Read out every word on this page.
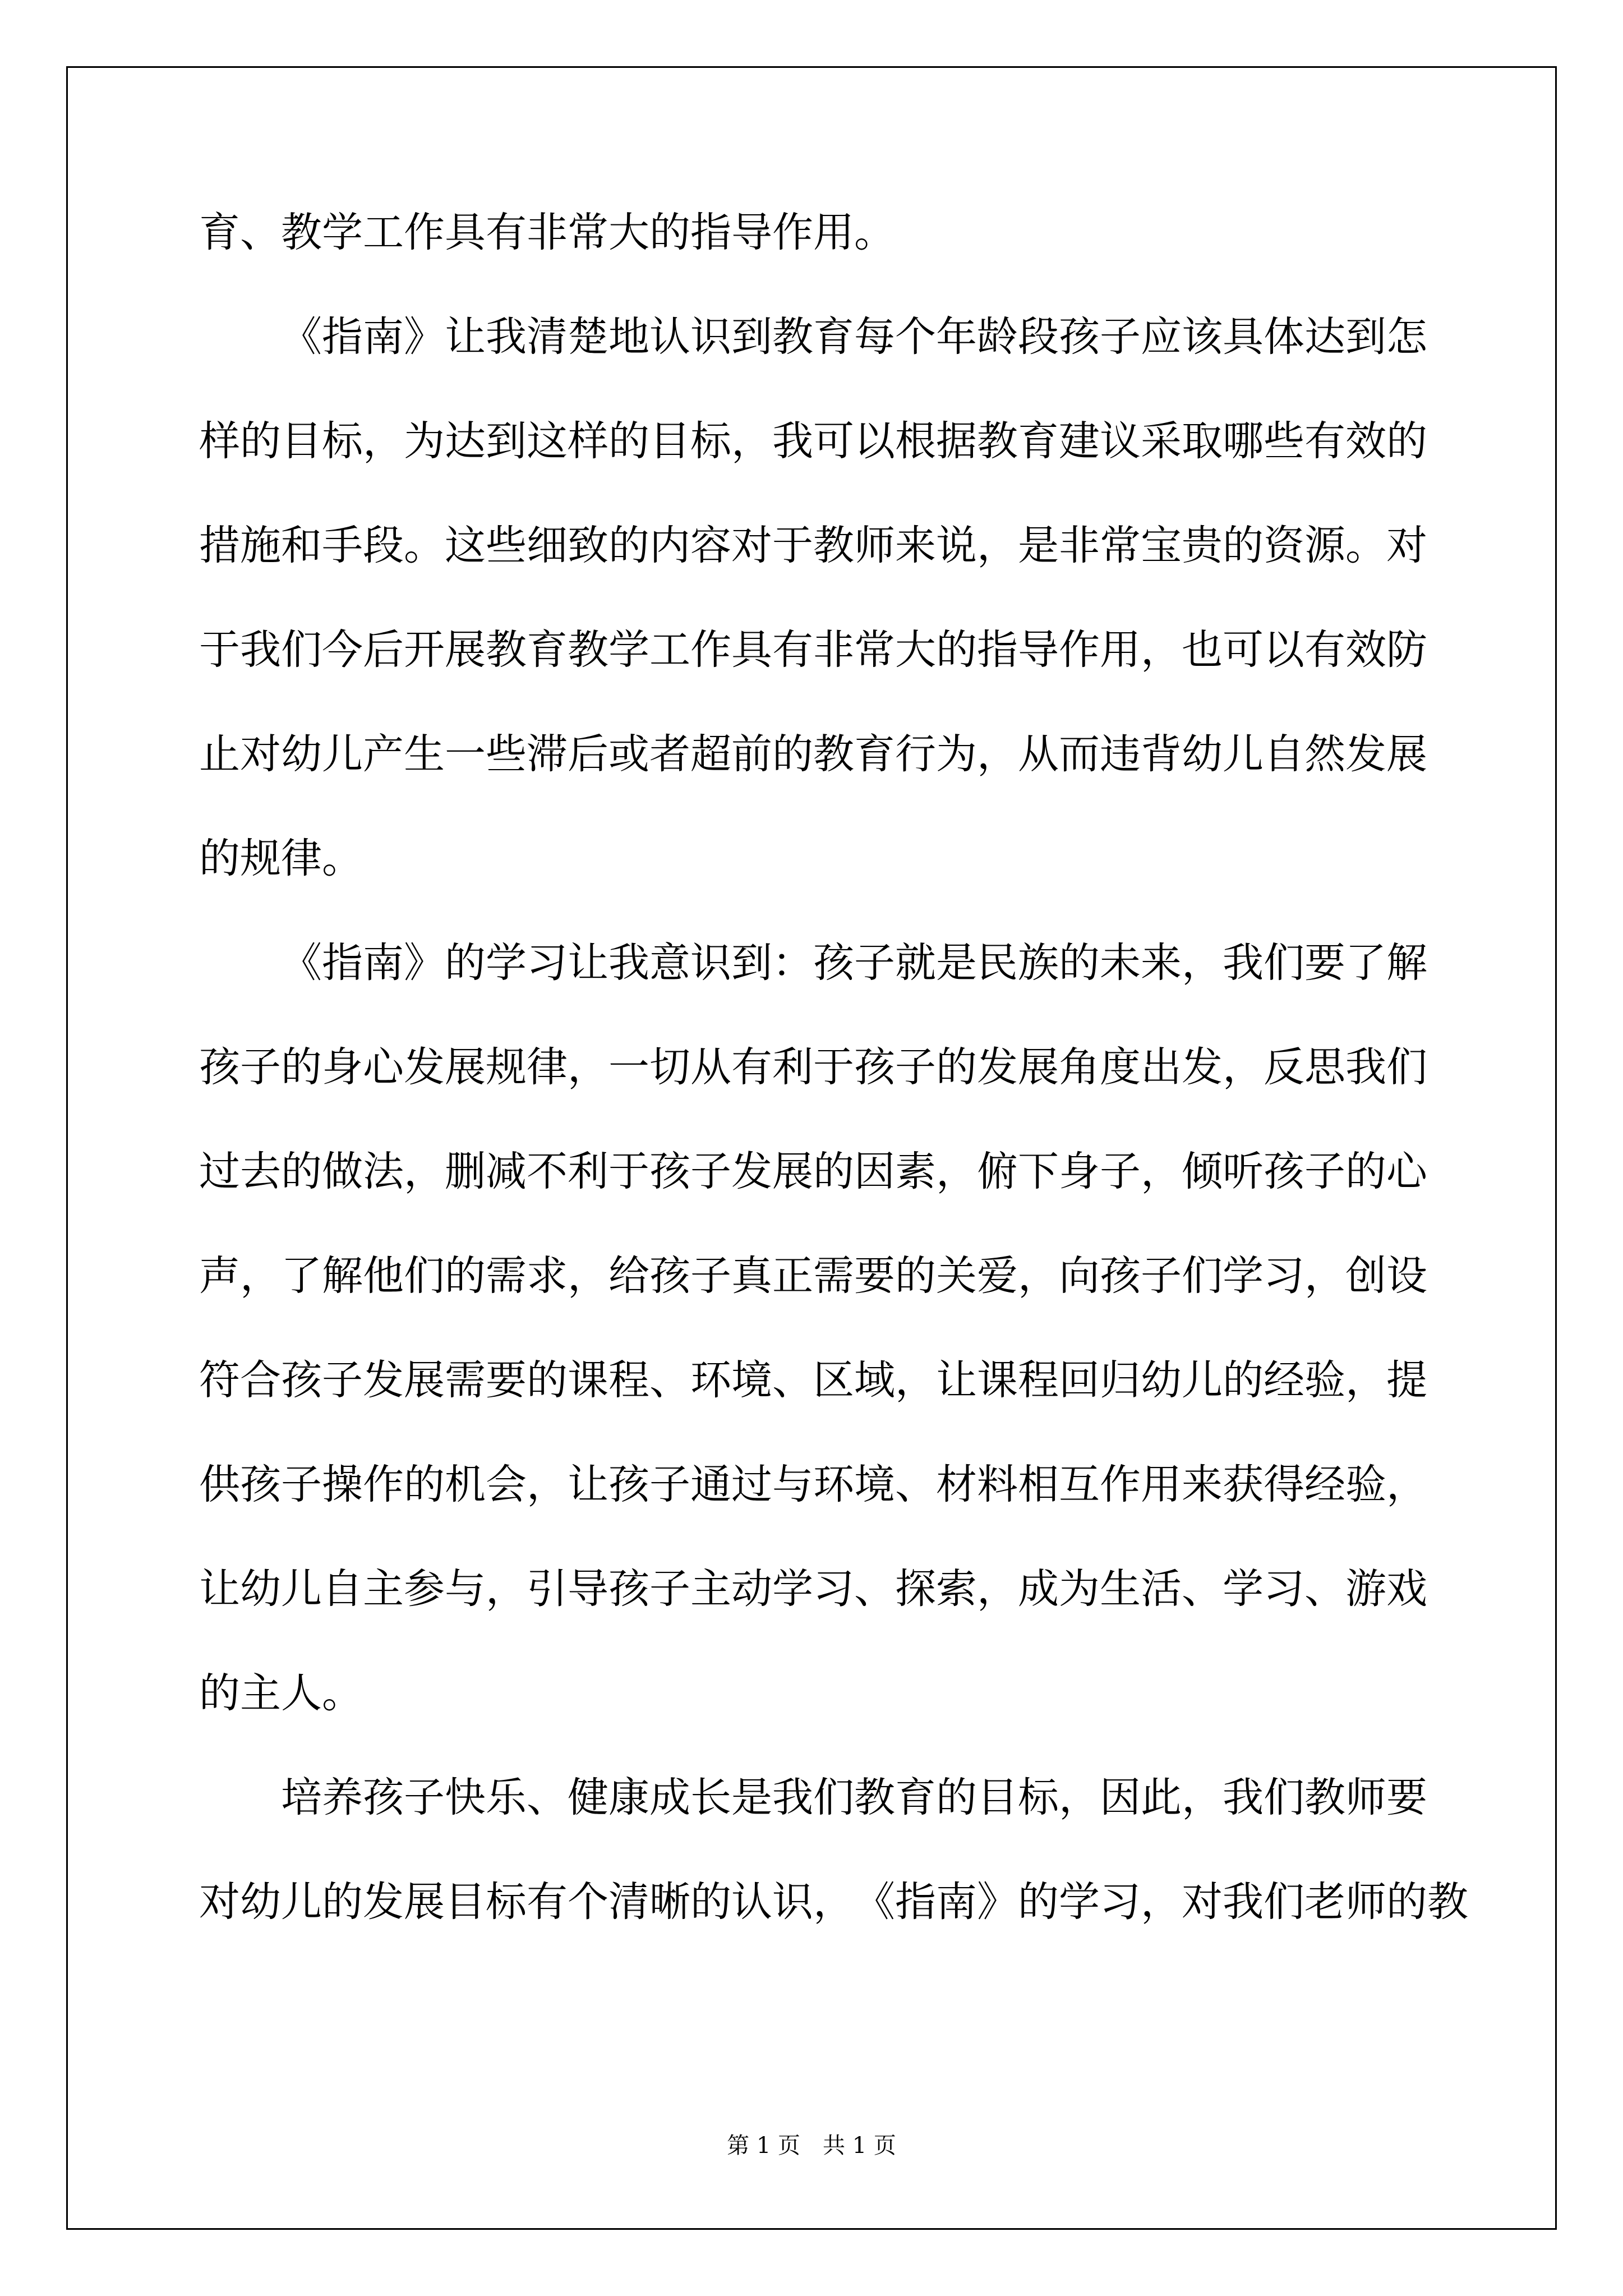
育 、 教 学 工 作 具 有 非 常 大 的 指 导 作 用 。
《 指 南 》 让 我 清 楚 地 认 识 到 教 育 每 个 年 龄 段 孩 子 应 该 具 体 达 到 怎
样 的 目 标 ， 为 达 到 这 样 的 目 标 ， 我 可 以 根 据 教 育 建 议 采 取 哪 些 有 效 的
措 施 和 手 段 。 这 些 细 致 的 内 容 对 于 教 师 来 说 ， 是 非 常 宝 贵 的 资 源 。 对
于 我 们 今 后 开 展 教 育 教 学 工 作 具 有 非 常 大 的 指 导 作 用 ， 也 可 以 有 效 防
止 对 幼 儿 产 生 一 些 滞 后 或 者 超 前 的 教 育 行 为 ， 从 而 违 背 幼 儿 自 然 发 展
的 规 律 。
《 指 南 》 的 学 习 让 我 意 识 到 ： 孩 子 就 是 民 族 的 未 来 ， 我 们 要 了 解
孩 子 的 身 心 发 展 规 律 ， 一 切 从 有 利 于 孩 子 的 发 展 角 度 出 发 ， 反 思 我 们
过 去 的 做 法 ， 删 减 不 利 于 孩 子 发 展 的 因 素 ， 俯 下 身 子 ， 倾 听 孩 子 的 心
声 ， 了 解 他 们 的 需 求 ， 给 孩 子 真 正 需 要 的 关 爱 ， 向 孩 子 们 学 习 ， 创 设
符 合 孩 子 发 展 需 要 的 课 程 、 环 境 、 区 域 ， 让 课 程 回 归 幼 儿 的 经 验 ， 提
供 孩 子 操 作 的 机 会 ， 让 孩 子 通 过 与 环 境 、 材 料 相 互 作 用 来 获 得 经 验 ，
让 幼 儿 自 主 参 与 ， 引 导 孩 子 主 动 学 习 、 探 索 ， 成 为 生 活 、 学 习 、 游 戏
的 主 人 。
培 养 孩 子 快 乐 、 健 康 成 长 是 我 们 教 育 的 目 标 ， 因 此 ， 我 们 教 师 要
对 幼 儿 的 发 展 目 标 有 个 清 晰 的 认 识 ， 《 指 南 》 的 学 习 ， 对 我 们 老 师 的 教
第 1 页　共 1 页
